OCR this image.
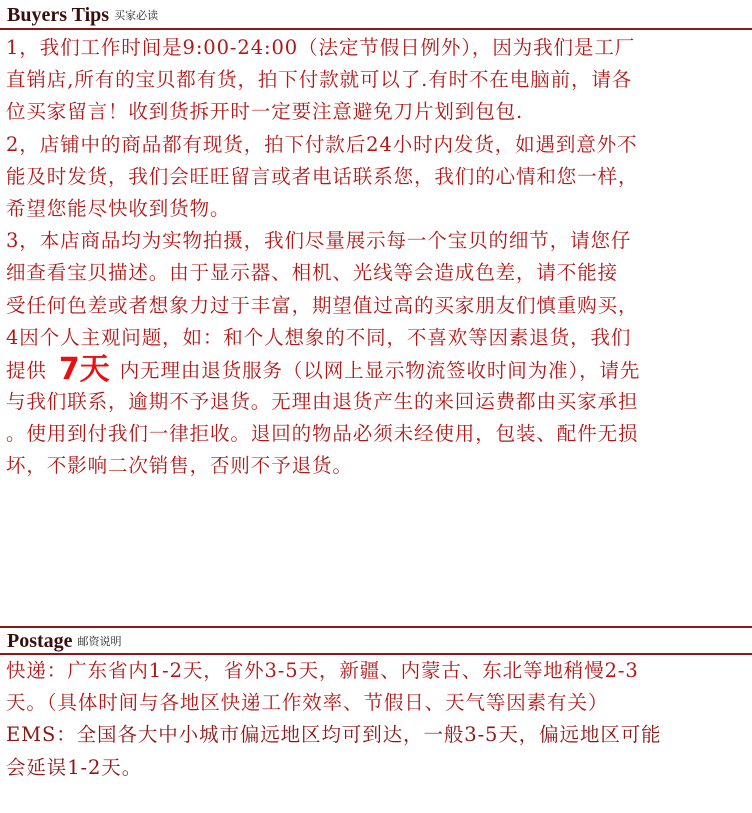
Buyers Tips 买家必读
1，我们工作时间是9:00-24:00（法定节假日例外），因为我们是工厂
直销店,所有的宝贝都有货，拍下付款就可以了.有时不在电脑前，请各
位买家留言！收到货拆开时一定要注意避免刀片划到包包.
2，店铺中的商品都有现货，拍下付款后24小时内发货，如遇到意外不
能及时发货，我们会旺旺留言或者电话联系您，我们的心情和您一样，
希望您能尽快收到货物。
3，本店商品均为实物拍摄，我们尽量展示每一个宝贝的细节，请您仔
细查看宝贝描述。由于显示器、相机、光线等会造成色差，请不能接
受任何色差或者想象力过于丰富，期望值过高的买家朋友们慎重购买，
4因个人主观问题，如：和个人想象的不同，不喜欢等因素退货，我们
提供 7天 内无理由退货服务（以网上显示物流签收时间为准），请先
与我们联系，逾期不予退货。无理由退货产生的来回运费都由买家承担
。使用到付我们一律拒收。退回的物品必须未经使用，包装、配件无损
坏，不影响二次销售，否则不予退货。
Postage 邮资说明
快递：广东省内1-2天，省外3-5天，新疆、内蒙古、东北等地稍慢2-3
天。（具体时间与各地区快递工作效率、节假日、天气等因素有关）
EMS：全国各大中小城市偏远地区均可到达，一般3-5天，偏远地区可能
会延误1-2天。
